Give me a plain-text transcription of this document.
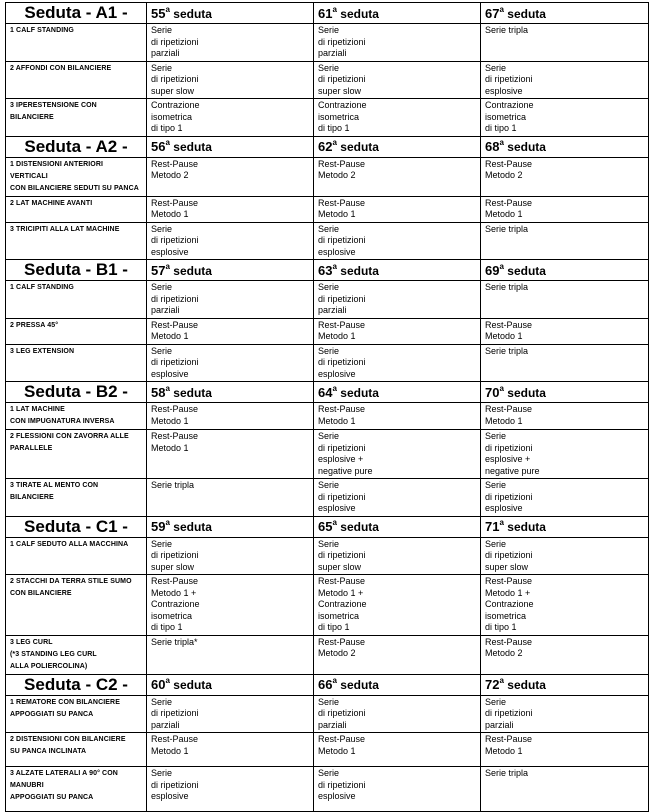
Seduta - A1 -	55$^a$ seduta	61$^a$ seduta	67$^a$ seduta

1 CALF STANDING	Serie
di ripetizioni
parziali	Serie
di ripetizioni
parziali	Serie tripla

2 AFFONDI CON BILANCIERE	Serie
di ripetizioni
super slow	Serie
di ripetizioni
super slow	Serie
di ripetizioni
esplosive

3 IPERESTENSIONE CON
BILANCIERE	Contrazione
isometrica
di tipo 1	Contrazione
isometrica
di tipo 1	Contrazione
isometrica
di tipo 1

Seduta - A2 -	56$^a$ seduta	62$^a$ seduta	68$^a$ seduta

1 DISTENSIONI ANTERIORI
VERTICALI
CON BILANCIERE SEDUTI SU PANCA	Rest-Pause
Metodo 2	Rest-Pause
Metodo 2	Rest-Pause
Metodo 2

2 LAT MACHINE AVANTI	Rest-Pause
Metodo 1	Rest-Pause
Metodo 1	Rest-Pause
Metodo 1

3 TRICIPITI ALLA LAT MACHINE	Serie
di ripetizioni
esplosive	Serie
di ripetizioni
esplosive	Serie tripla

Seduta - B1 -	57$^a$ seduta	63$^a$ seduta	69$^a$ seduta

1 CALF STANDING	Serie
di ripetizioni
parziali	Serie
di ripetizioni
parziali	Serie tripla

2 PRESSA 45°	Rest-Pause
Metodo 1	Rest-Pause
Metodo 1	Rest-Pause
Metodo 1

3 LEG EXTENSION	Serie
di ripetizioni
esplosive	Serie
di ripetizioni
esplosive	Serie tripla

Seduta - B2 -	58$^a$ seduta	64$^a$ seduta	70$^a$ seduta

1 LAT MACHINE
CON IMPUGNATURA INVERSA	Rest-Pause
Metodo 1	Rest-Pause
Metodo 1	Rest-Pause
Metodo 1

2 FLESSIONI CON ZAVORRA ALLE
PARALLELE	Rest-Pause
Metodo 1	Serie
di ripetizioni
esplosive +
negative pure	Serie
di ripetizioni
esplosive +
negative pure

3 TIRATE AL MENTO CON
BILANCIERE	Serie tripla	Serie
di ripetizioni
esplosive	Serie
di ripetizioni
esplosive

Seduta - C1 -	59$^a$ seduta	65$^a$ seduta	71$^a$ seduta

1 CALF SEDUTO ALLA MACCHINA	Serie
di ripetizioni
super slow	Serie
di ripetizioni
super slow	Serie
di ripetizioni
super slow

2 STACCHI DA TERRA STILE SUMO
CON BILANCIERE	Rest-Pause
Metodo 1 +
Contrazione
isometrica
di tipo 1	Rest-Pause
Metodo 1 +
Contrazione
isometrica
di tipo 1	Rest-Pause
Metodo 1 +
Contrazione
isometrica
di tipo 1

3 LEG CURL
(*3 STANDING LEG CURL
ALLA POLIERCOLINA)	Serie tripla*	Rest-Pause
Metodo 2	Rest-Pause
Metodo 2

Seduta - C2 -	60$^a$ seduta	66$^a$ seduta	72$^a$ seduta

1 REMATORE CON BILANCIERE
APPOGGIATI SU PANCA	Serie
di ripetizioni
parziali	Serie
di ripetizioni
parziali	Serie
di ripetizioni
parziali

2 DISTENSIONI CON BILANCIERE
SU PANCA INCLINATA	Rest-Pause
Metodo 1	Rest-Pause
Metodo 1	Rest-Pause
Metodo 1

3 ALZATE LATERALI A 90° CON
MANUBRI
APPOGGIATI SU PANCA	Serie
di ripetizioni
esplosive	Serie
di ripetizioni
esplosive	Serie tripla
